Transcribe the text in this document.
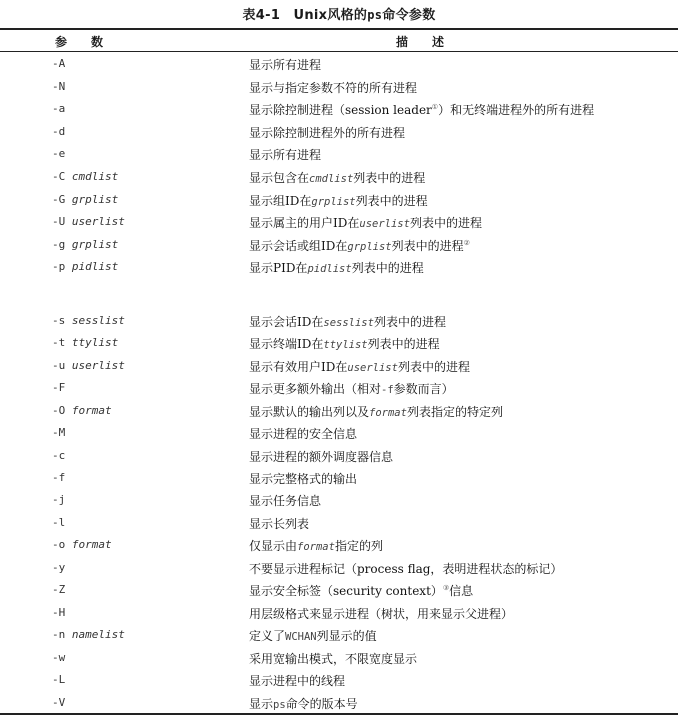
表4-1　Unix风格的ps命令参数
参数	描述
-A	显示所有进程
-N	显示与指定参数不符的所有进程
-a	显示除控制进程（session leader①）和无终端进程外的所有进程
-d	显示除控制进程外的所有进程
-e	显示所有进程
-C cmdlist	显示包含在cmdlist列表中的进程
-G grplist	显示组ID在grplist列表中的进程
-U userlist	显示属主的用户ID在userlist列表中的进程
-g grplist	显示会话或组ID在grplist列表中的进程②
-p pidlist	显示PID在pidlist列表中的进程
-s sesslist	显示会话ID在sesslist列表中的进程
-t ttylist	显示终端ID在ttylist列表中的进程
-u userlist	显示有效用户ID在userlist列表中的进程
-F	显示更多额外输出（相对-f参数而言）
-O format	显示默认的输出列以及format列表指定的特定列
-M	显示进程的安全信息
-c	显示进程的额外调度器信息
-f	显示完整格式的输出
-j	显示任务信息
-l	显示长列表
-o format	仅显示由format指定的列
-y	不要显示进程标记（process flag，表明进程状态的标记）
-Z	显示安全标签（security context）③信息
-H	用层级格式来显示进程（树状，用来显示父进程）
-n namelist	定义了WCHAN列显示的值
-w	采用宽输出模式，不限宽度显示
-L	显示进程中的线程
-V	显示ps命令的版本号
